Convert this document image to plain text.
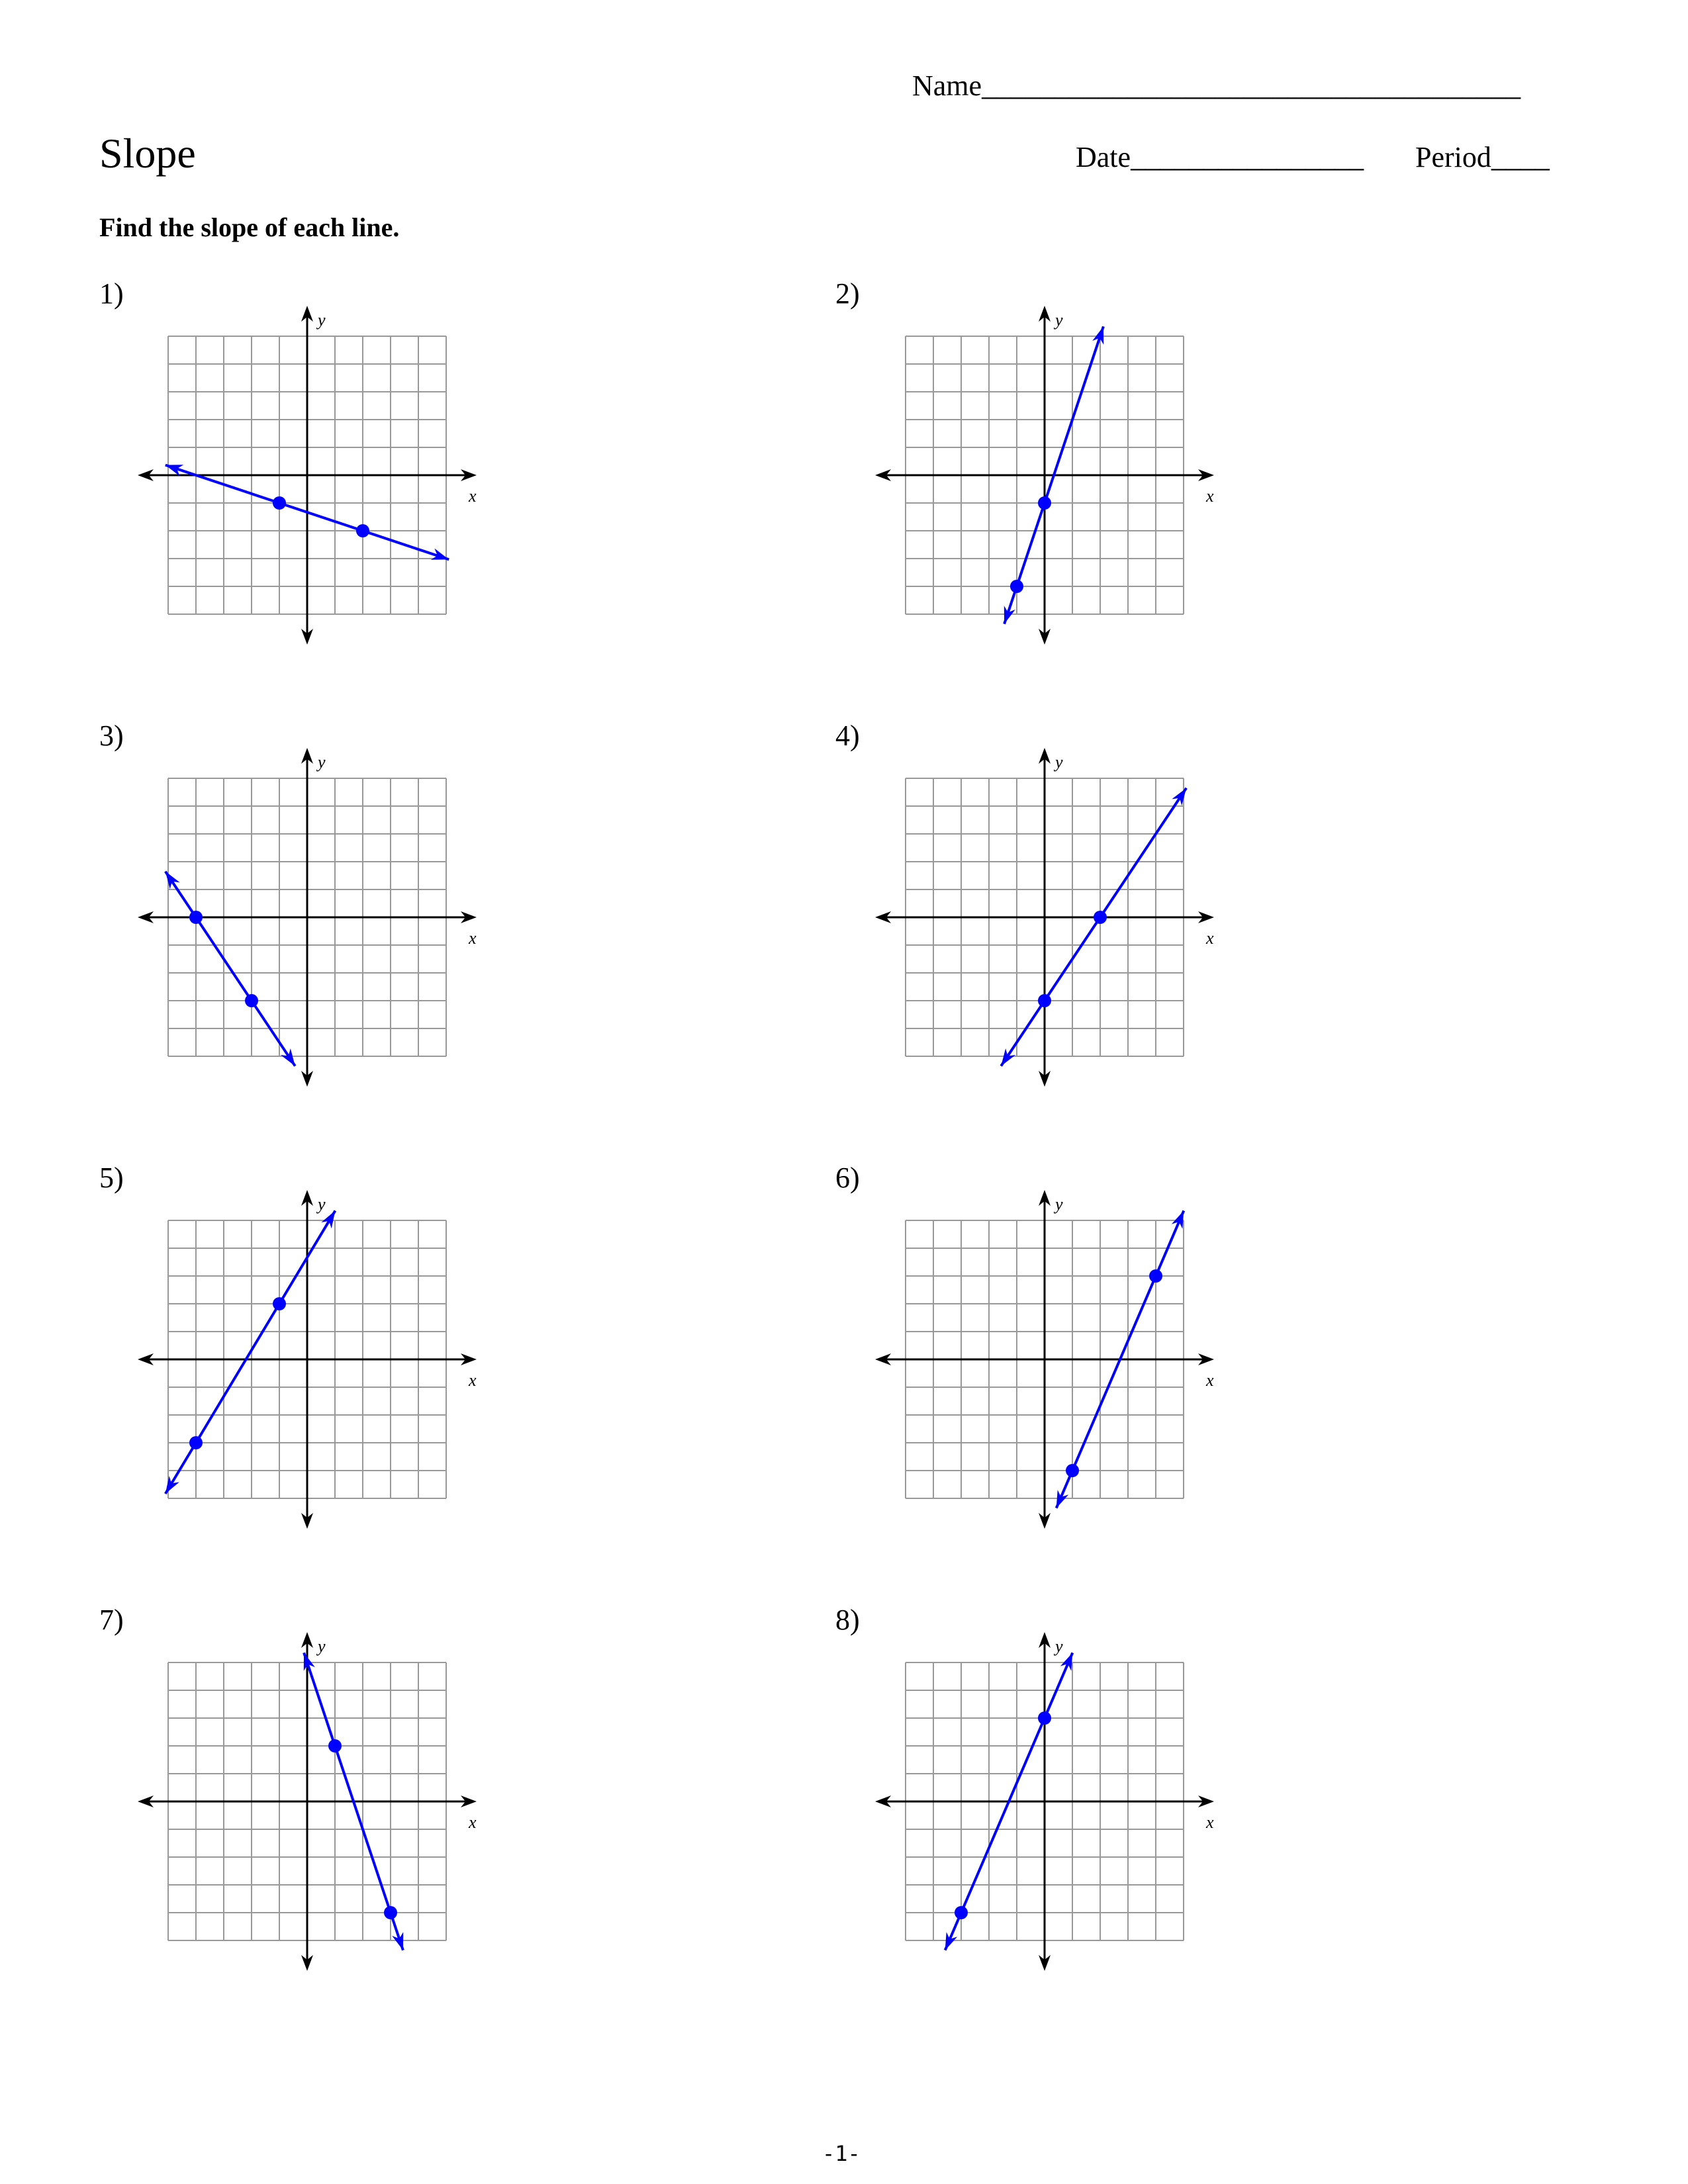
Name_____________________________________
Slope	Date________________ Period____
Find the slope of each line.
1)	2)
3)	4)
5)	6)
7)	8)
x
y
x
y
x
y
x
y
x
y
x
y
x
y
x
y
-1-
